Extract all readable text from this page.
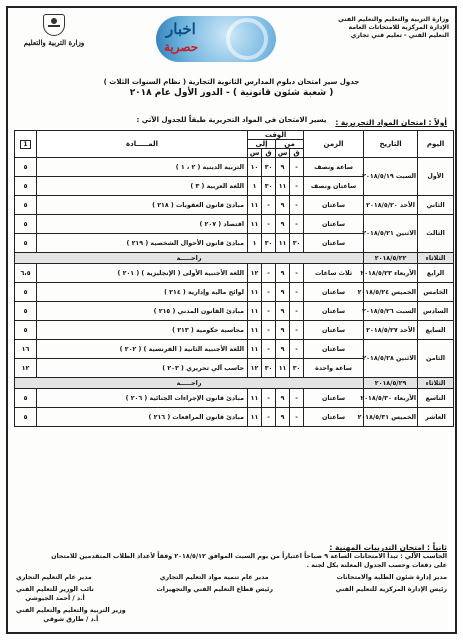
وزارة التربية والتعليم والتعليم الفني
الإدارة المركزية للامتحانات العامة
التعليم الفني - تعليم فني تجاري
اخبار
حصرية
وزارة التربية والتعليم
جدول سير امتحان دبلوم المدارس الثانوية التجارية ( نظام السنوات الثلاث )
( شعبة شئون قانونية ) - الدور الأول عام ٢٠١٨
أولاً : امتحان المواد التحريرية :
يسير الامتحان في المواد التحريرية طبقاً للجدول الآتي :
اليوم	التاريخ	الزمن	الوقت				المـــــادة	1
			من		إلى			
			ق	س	ق	س		
الأول	السبت ٢٠١٨/٥/١٩	ساعة ونصف	-	٩	٣٠	١٠	التربية الدينية ( ٢ ، ١ )	٥
		ساعتان ونصف	-	١١	٣٠	١	اللغة العربية ( ٣ )	٥
الثاني	الأحد ٢٠١٨/٥/٢٠	ساعتان	-	٩	-	١١	مبادئ قانون العقوبات ( ٢١٨ )	٥
الثالث	الاثنين ٢٠١٨/٥/٢١	ساعتان	-	٩	-	١١	اقتصاد ( ٢٠٧ )	٥
		ساعتان	٣٠	١١	٣٠	١	مبادئ قانون الأحوال الشخصية ( ٢١٩ )	٥
الثلاثاء	٢٠١٨/٥/٢٢	راحـــــة						
الرابع	الأربعاء ٢٠١٨/٥/٢٣	ثلاث ساعات	-	٩	-	١٢	اللغة الأجنبية الأولى ( الإنجليزية ) ( ٢٠١ )	٦،٥
الخامس	الخميس ٢٠١٨/٥/٢٤	ساعتان	-	٩	-	١١	لوائح مالية وإدارية ( ٢١٤ )	٥
السادس	السبت ٢٠١٨/٥/٢٦	ساعتان	-	٩	-	١١	مبادئ القانون المدني ( ٢١٥ )	٥
السابع	الأحد ٢٠١٨/٥/٢٧	ساعتان	-	٩	-	١١	محاسبة حكومية ( ٢١٣ )	٥
الثامن	الاثنين ٢٠١٨/٥/٢٨	ساعتان	-	٩	-	١١	اللغة الأجنبية الثانية ( الفرنسية ) ( ٢٠٢ )	١٦
		ساعة واحدة	٣٠	١١	٣٠	١٢	حاسب آلي تحريري ( ٢٠٣ )	١٢
الثلاثاء	٢٠١٨/٥/٢٩	راحـــــة						
التاسع	الأربعاء ٢٠١٨/٥/٣٠	ساعتان	-	٩	-	١١	مبادئ قانون الإجراءات الجنائية ( ٢٠٦ )	٥
العاشر	الخميس ٢٠١٨/٥/٣١	ساعتان	-	٩	-	١١	مبادئ قانون المرافعات ( ٢١٦ )	٥
ثانياً : امتحان التدريبات المهنية :
الحاسب الآلي : تبدأ الامتحانات الساعة ٩ صباحاً اعتباراً من يوم السبت الموافق ٢٠١٨/٥/١٢ وفقاً لأعداد الطلاب المتقدمين للامتحان
على دفعات وحسب الجدول المعلنة بكل لجنة .
مدير إدارة شئون الطلبة والامتحانات
مدير عام تنمية مواد التعليم التجاري
مدير عام التعليم التجاري
رئيس الإدارة المركزية للتعليم الفني
رئيس قطاع التعليم الفني والتجهيزات
نائب الوزير للتعليم الفني
أ.د / أحمد الجيوشي
وزير التربية والتعليم والتعليم الفني
أ.د / طارق شوقي
